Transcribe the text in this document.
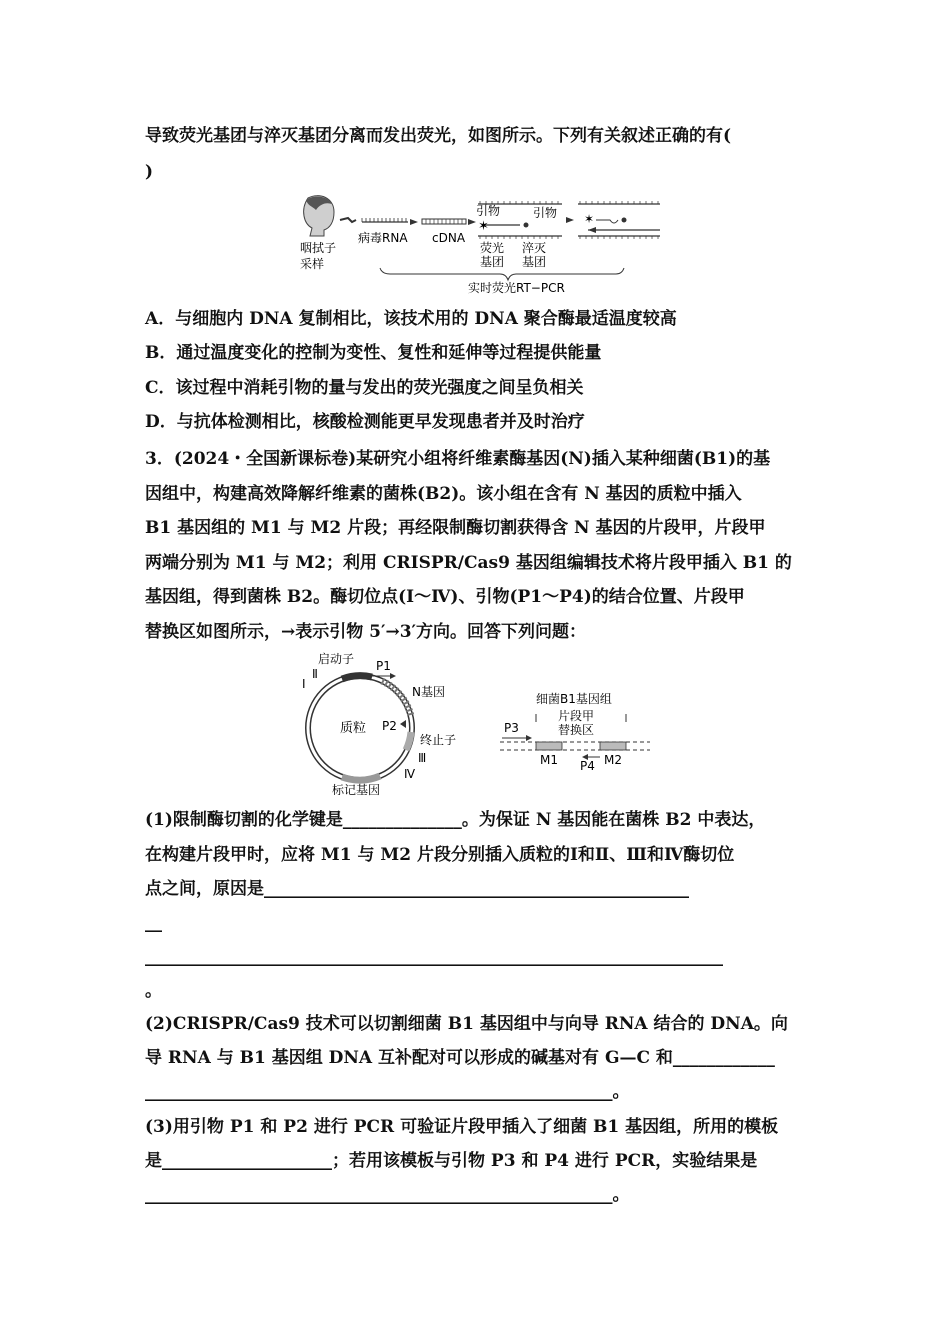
导致荧光基团与淬灭基团分离而发出荧光，如图所示。下列有关叙述正确的有(
)
咽拭子
采样
病毒RNA cDNA
引物
✶
引物
荧光
基团
淬灭
基团
✶
实时荧光RT−PCR
A．与细胞内 DNA 复制相比，该技术用的 DNA 聚合酶最适温度较高
B．通过温度变化的控制为变性、复性和延伸等过程提供能量
C．该过程中消耗引物的量与发出的荧光强度之间呈负相关
D．与抗体检测相比，核酸检测能更早发现患者并及时治疗
3．(2024・全国新课标卷)某研究小组将纤维素酶基因(N)插入某种细菌(B1)的基
因组中，构建高效降解纤维素的菌株(B2)。该小组在含有 N 基因的质粒中插入
B1 基因组的 M1 与 M2 片段；再经限制酶切割获得含 N 基因的片段甲，片段甲
两端分别为 M1 与 M2；利用 CRISPR/Cas9 基因组编辑技术将片段甲插入 B1 的
基因组，得到菌株 B2。酶切位点(Ⅰ～Ⅳ)、引物(P1～P4)的结合位置、片段甲
替换区如图所示，→表示引物 5′→3′方向。回答下列问题：
启动子 P1
Ⅰ
Ⅱ
N基因
质粒 P2
终止子
Ⅲ
Ⅳ
标记基因
细菌B1基因组
片段甲
替换区
P3
M1 P4 M2
(1)限制酶切割的化学键是______________。为保证 N 基因能在菌株 B2 中表达，
在构建片段甲时，应将 M1 与 M2 片段分别插入质粒的Ⅰ和Ⅱ、Ⅲ和Ⅳ酶切位
点之间，原因是__________________________________________________
__
____________________________________________________________________
。
(2)CRISPR/Cas9 技术可以切割细菌 B1 基因组中与向导 RNA 结合的 DNA。向
导 RNA 与 B1 基因组 DNA 互补配对可以形成的碱基对有 G—C 和____________
_______________________________________________________。
(3)用引物 P1 和 P2 进行 PCR 可验证片段甲插入了细菌 B1 基因组，所用的模板
是____________________；若用该模板与引物 P3 和 P4 进行 PCR，实验结果是
_______________________________________________________。
